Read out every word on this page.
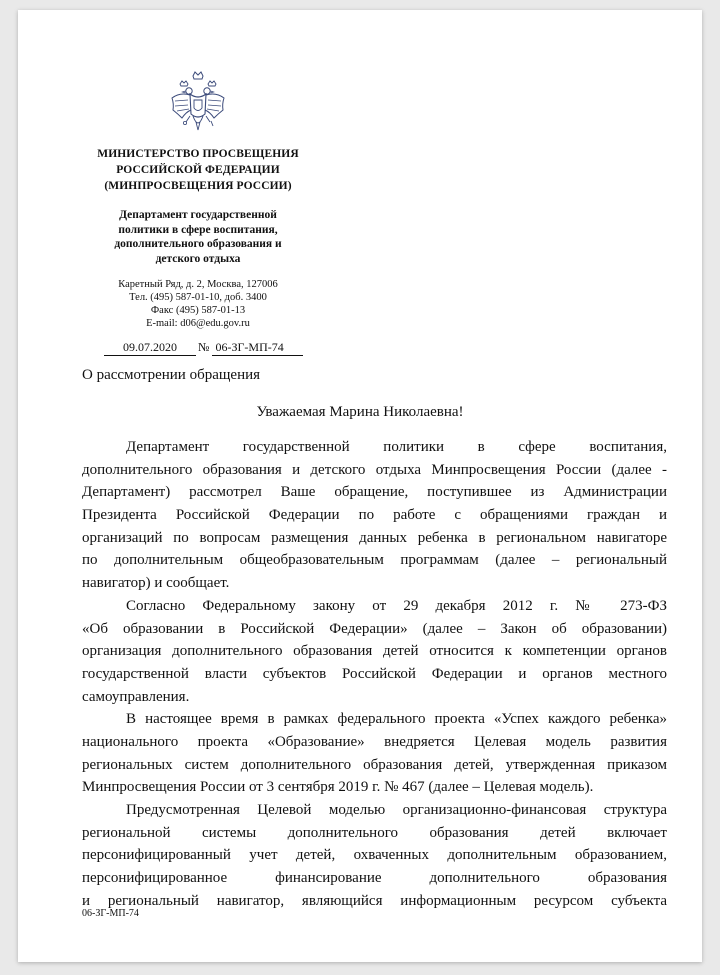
МИНИСТЕРСТВО ПРОСВЕЩЕНИЯ
РОССИЙСКОЙ ФЕДЕРАЦИИ
(МИНПРОСВЕЩЕНИЯ РОССИИ)
Департамент государственной
политики в сфере воспитания,
дополнительного образования и
детского отдыха
Каретный Ряд, д. 2, Москва, 127006
Тел. (495) 587-01-10, доб. 3400
Факс (495) 587-01-13
E-mail: d06@edu.gov.ru
09.07.2020 № 06-ЗГ-МП-74
О рассмотрении обращения
Уважаемая Марина Николаевна!
Департамент государственной политики в сфере воспитания,
дополнительного образования и детского отдыха Минпросвещения России (далее -
Департамент) рассмотрел Ваше обращение, поступившее из Администрации
Президента Российской Федерации по работе с обращениями граждан и
организаций по вопросам размещения данных ребенка в региональном навигаторе
по дополнительным общеобразовательным программам (далее – региональный
навигатор) и сообщает.
Согласно Федеральному закону от 29 декабря 2012 г. № 273-ФЗ
«Об образовании в Российской Федерации» (далее – Закон об образовании)
организация дополнительного образования детей относится к компетенции органов
государственной власти субъектов Российской Федерации и органов местного
самоуправления.
В настоящее время в рамках федерального проекта «Успех каждого ребенка»
национального проекта «Образование» внедряется Целевая модель развития
региональных систем дополнительного образования детей, утвержденная приказом
Минпросвещения России от 3 сентября 2019 г. № 467 (далее – Целевая модель).
Предусмотренная Целевой моделью организационно-финансовая структура
региональной системы дополнительного образования детей включает
персонифицированный учет детей, охваченных дополнительным образованием,
персонифицированное финансирование дополнительного образования
и региональный навигатор, являющийся информационным ресурсом субъекта
06-ЗГ-МП-74
